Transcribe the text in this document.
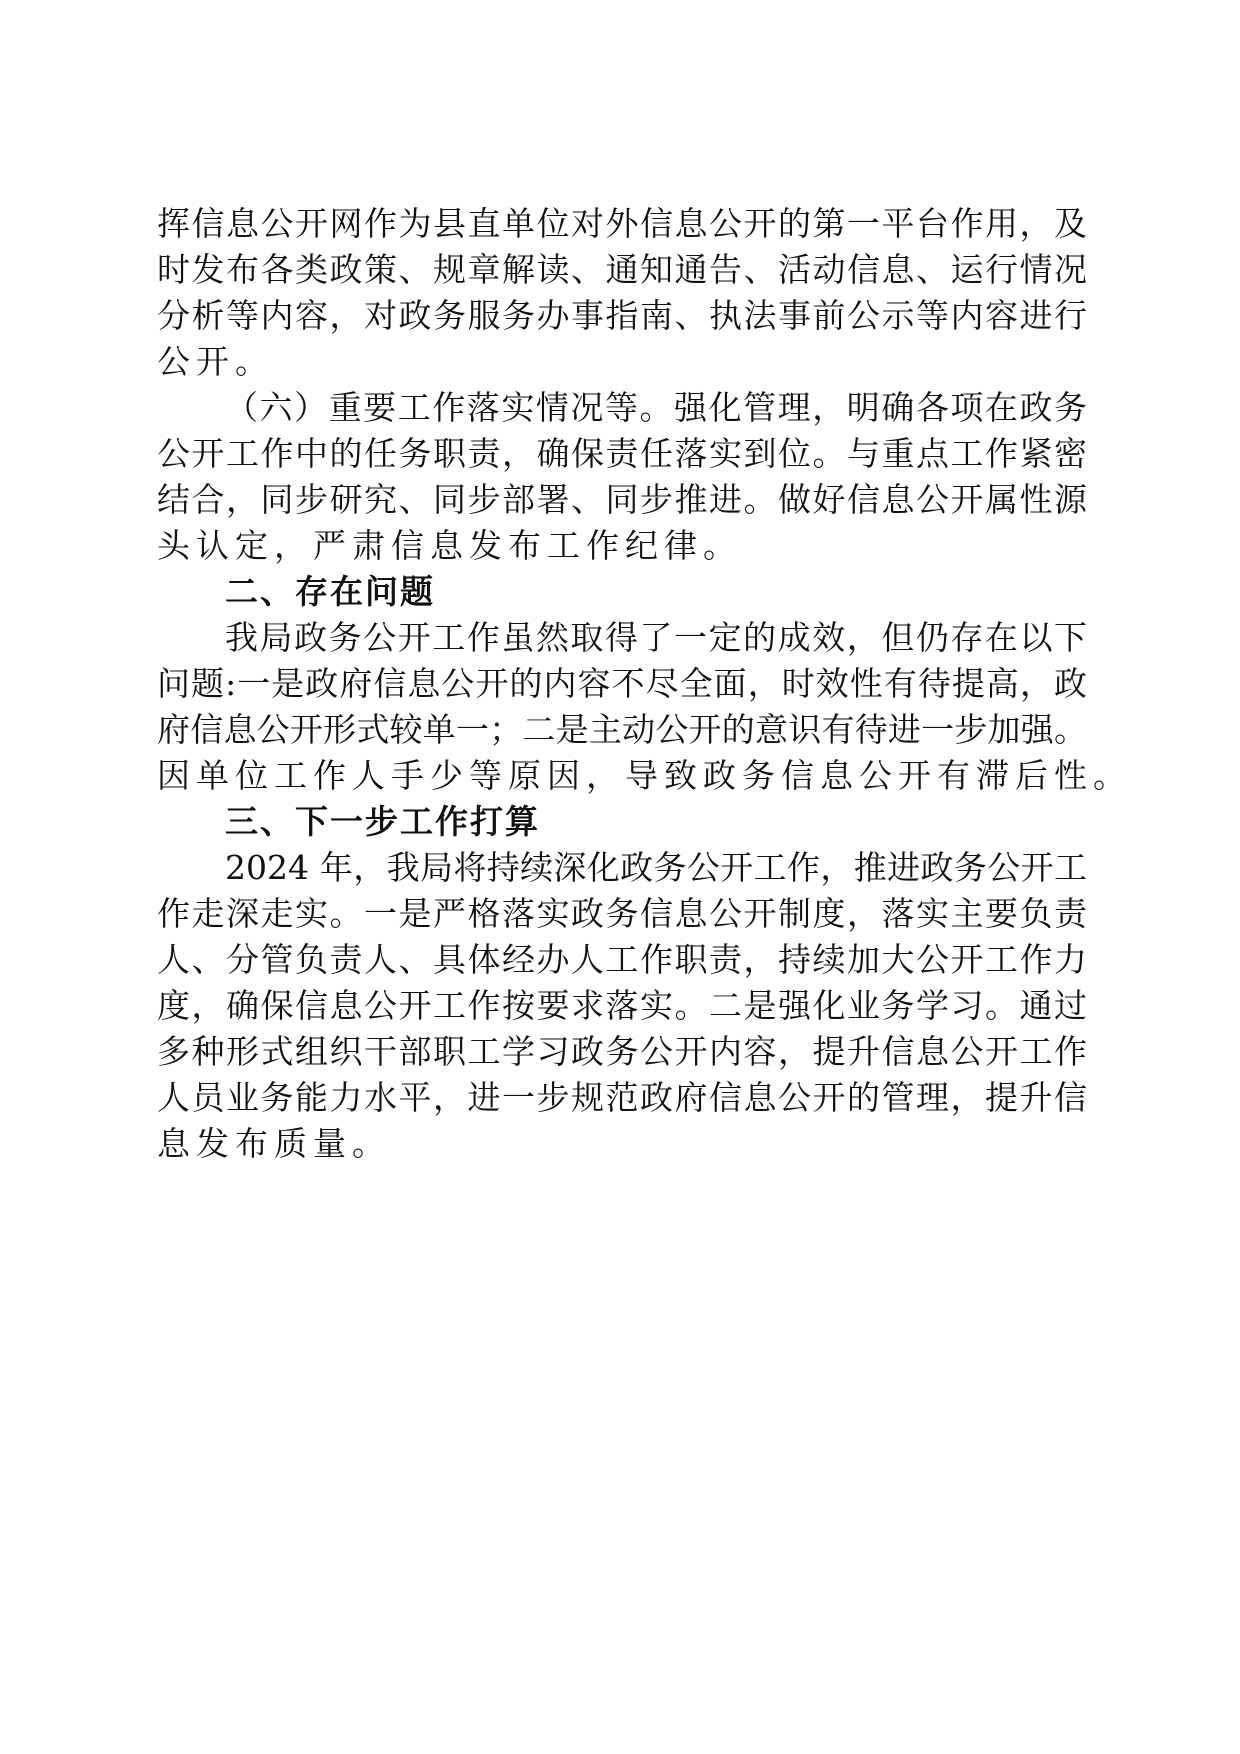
挥信息公开网作为县直单位对外信息公开的第一平台作用，及
时发布各类政策、规章解读、通知通告、活动信息、运行情况
分析等内容，对政务服务办事指南、执法事前公示等内容进行
公开。
（六）重要工作落实情况等。强化管理，明确各项在政务
公开工作中的任务职责，确保责任落实到位。与重点工作紧密
结合，同步研究、同步部署、同步推进。做好信息公开属性源
头认定，严肃信息发布工作纪律。
二、存在问题
我局政务公开工作虽然取得了一定的成效，但仍存在以下
问题:一是政府信息公开的内容不尽全面，时效性有待提高，政
府信息公开形式较单一；二是主动公开的意识有待进一步加强。
因单位工作人手少等原因，导致政务信息公开有滞后性。
三、下一步工作打算
2024 年，我局将持续深化政务公开工作，推进政务公开工
作走深走实。一是严格落实政务信息公开制度，落实主要负责
人、分管负责人、具体经办人工作职责，持续加大公开工作力
度，确保信息公开工作按要求落实。二是强化业务学习。通过
多种形式组织干部职工学习政务公开内容，提升信息公开工作
人员业务能力水平，进一步规范政府信息公开的管理，提升信
息发布质量。
